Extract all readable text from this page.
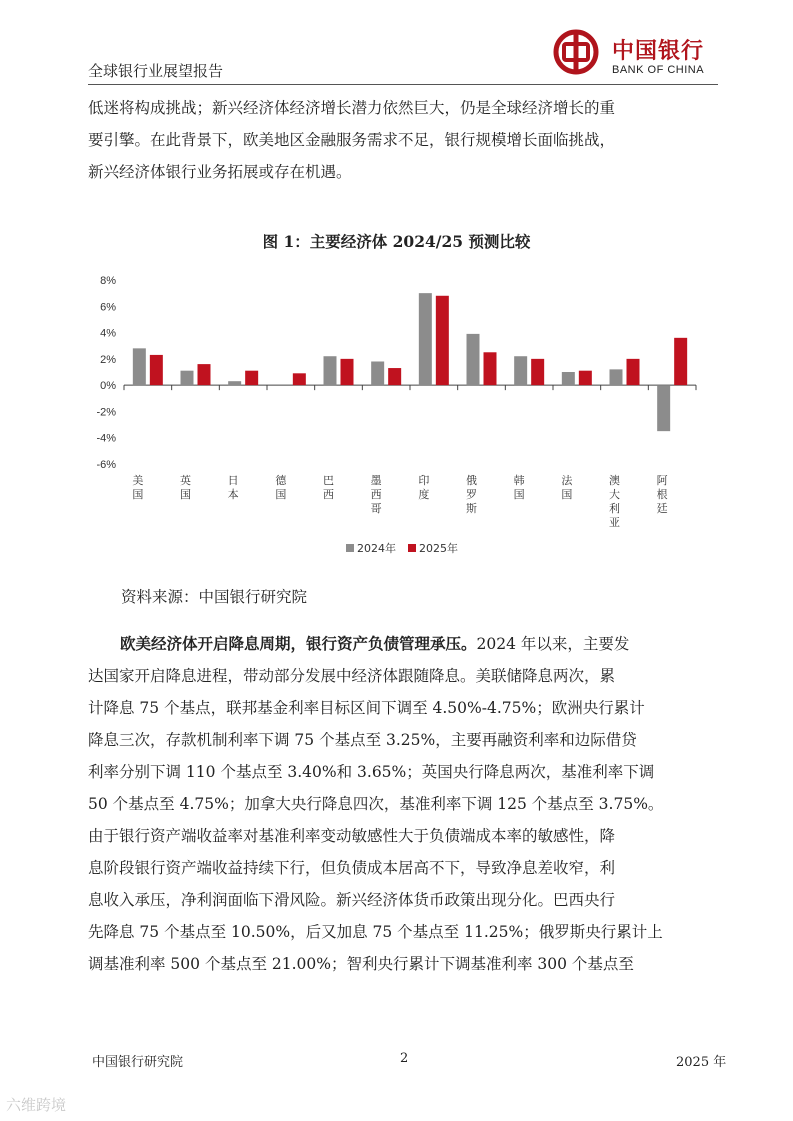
全球银行业展望报告
中国银行
BANK OF CHINA

低迷将构成挑战；新兴经济体经济增长潜力依然巨大，仍是全球经济增长的重

要引擎。在此背景下，欧美地区金融服务需求不足，银行规模增长面临挑战，

新兴经济体银行业务拓展或存在机遇。

图 1：主要经济体 2024/25 预测比较
8%
6%
4%
2%
0%
-2%
-4%
-6%
美国
英国
日本
德国
巴西
墨西哥
印度
俄罗斯
韩国
法国
澳大利亚
阿根廷
2024年 2025年
资料来源：中国银行研究院

欧美经济体开启降息周期，银行资产负债管理承压。2024 年以来，主要发

达国家开启降息进程，带动部分发展中经济体跟随降息。美联储降息两次，累

计降息 75 个基点，联邦基金利率目标区间下调至 4.50%-4.75%；欧洲央行累计

降息三次，存款机制利率下调 75 个基点至 3.25%，主要再融资利率和边际借贷

利率分别下调 110 个基点至 3.40%和 3.65%；英国央行降息两次，基准利率下调

50 个基点至 4.75%；加拿大央行降息四次，基准利率下调 125 个基点至 3.75%。

由于银行资产端收益率对基准利率变动敏感性大于负债端成本率的敏感性，降

息阶段银行资产端收益持续下行，但负债成本居高不下，导致净息差收窄，利

息收入承压，净利润面临下滑风险。新兴经济体货币政策出现分化。巴西央行

先降息 75 个基点至 10.50%，后又加息 75 个基点至 11.25%；俄罗斯央行累计上

调基准利率 500 个基点至 21.00%；智利央行累计下调基准利率 300 个基点至

中国银行研究院	2	2025 年
六维跨境
